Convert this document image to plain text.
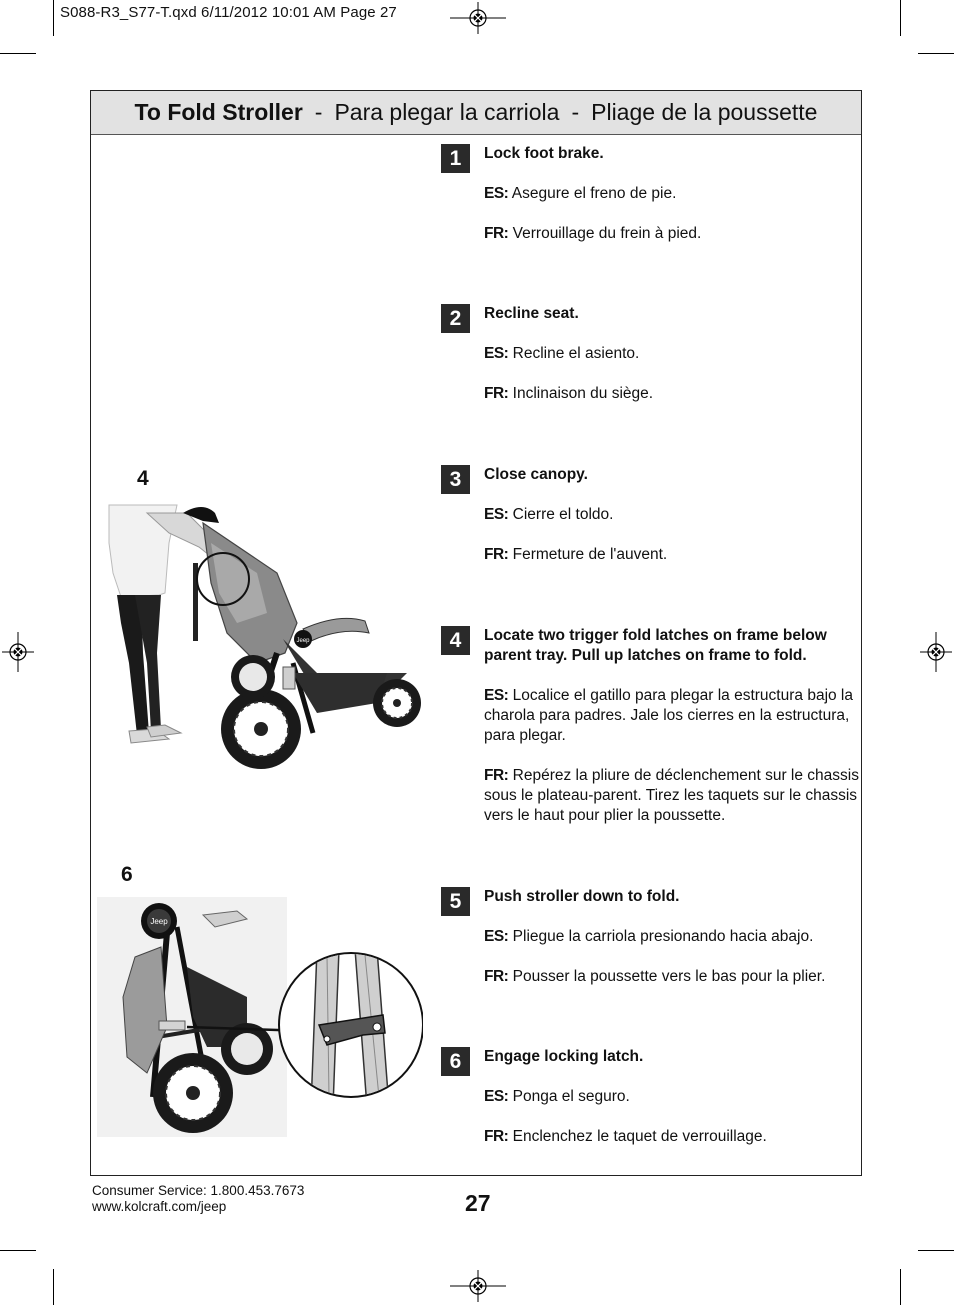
S088-R3_S77-T.qxd 6/11/2012 10:01 AM Page 27
To Fold Stroller - Para plegar la carriola - Pliage de la poussette
1	Lock foot brake.

ES: Asegure el freno de pie.

FR: Verrouillage du frein à pied.

2	Recline seat.

ES: Recline el asiento.

FR: Inclinaison du siège.

3	Close canopy.

ES: Cierre el toldo.

FR: Fermeture de l'auvent.

4	Locate two trigger fold latches on frame below parent tray. Pull up latches on frame to fold.

ES: Localice el gatillo para plegar la estructura bajo la charola para padres. Jale los cierres en la estructura, para plegar.

FR: Repérez la pliure de déclenchement sur le chassis sous le plateau-parent. Tirez les taquets sur le chassis vers le haut pour plier la poussette.

5	Push stroller down to fold.

ES: Pliegue la carriola presionando hacia abajo.

FR: Pousser la poussette vers le bas pour la plier.

6	Engage locking latch.

ES: Ponga el seguro.

FR: Enclenchez le taquet de verrouillage.

4
Jeep
6
Jeep
Consumer Service: 1.800.453.7673
www.kolcraft.com/jeep	27
